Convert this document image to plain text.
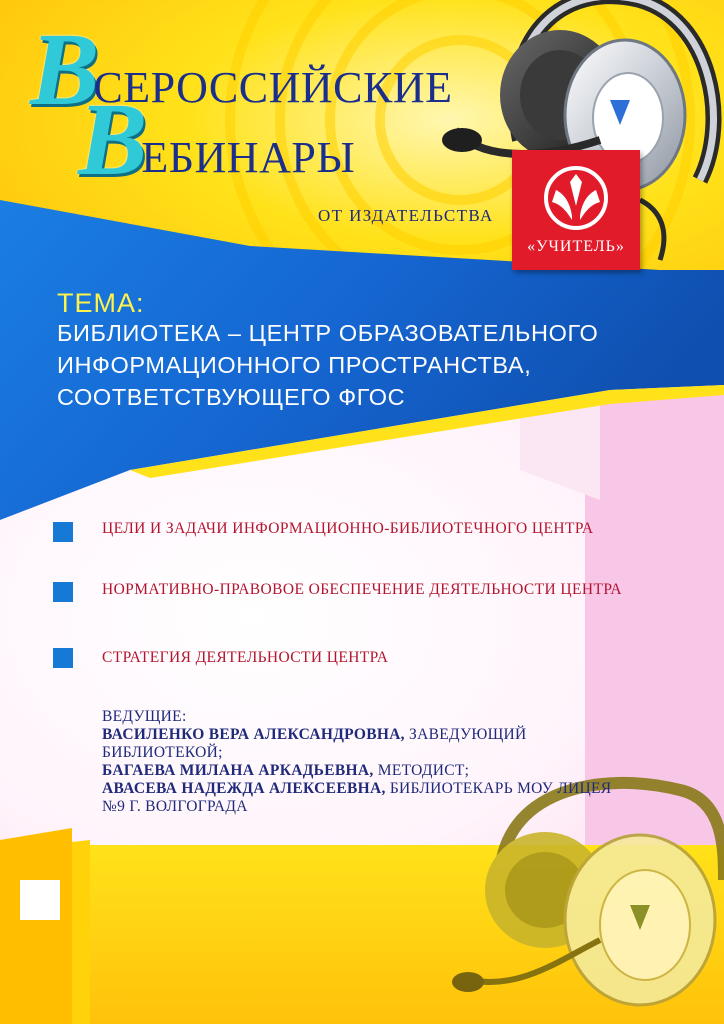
В
СЕРОССИЙСКИЕ
В
ЕБИНАРЫ
ОТ ИЗДАТЕЛЬСТВА
«УЧИТЕЛЬ»
ТЕМА:
БИБЛИОТЕКА – ЦЕНТР ОБРАЗОВАТЕЛЬНОГО
ИНФОРМАЦИОННОГО ПРОСТРАНСТВА,
СООТВЕТСТВУЮЩЕГО ФГОС
ЦЕЛИ И ЗАДАЧИ ИНФОРМАЦИОННО-БИБЛИОТЕЧНОГО ЦЕНТРА
НОРМАТИВНО-ПРАВОВОЕ ОБЕСПЕЧЕНИЕ ДЕЯТЕЛЬНОСТИ ЦЕНТРА
СТРАТЕГИЯ ДЕЯТЕЛЬНОСТИ ЦЕНТРА
ВЕДУЩИЕ:
ВАСИЛЕНКО ВЕРА АЛЕКСАНДРОВНА, ЗАВЕДУЮЩИЙ БИБЛИОТЕКОЙ;
БАГАЕВА МИЛАНА АРКАДЬЕВНА, МЕТОДИСТ;
АВАСЕВА НАДЕЖДА АЛЕКСЕЕВНА, БИБЛИОТЕКАРЬ МОУ ЛИЦЕЯ №9 Г. ВОЛГОГРАДА
